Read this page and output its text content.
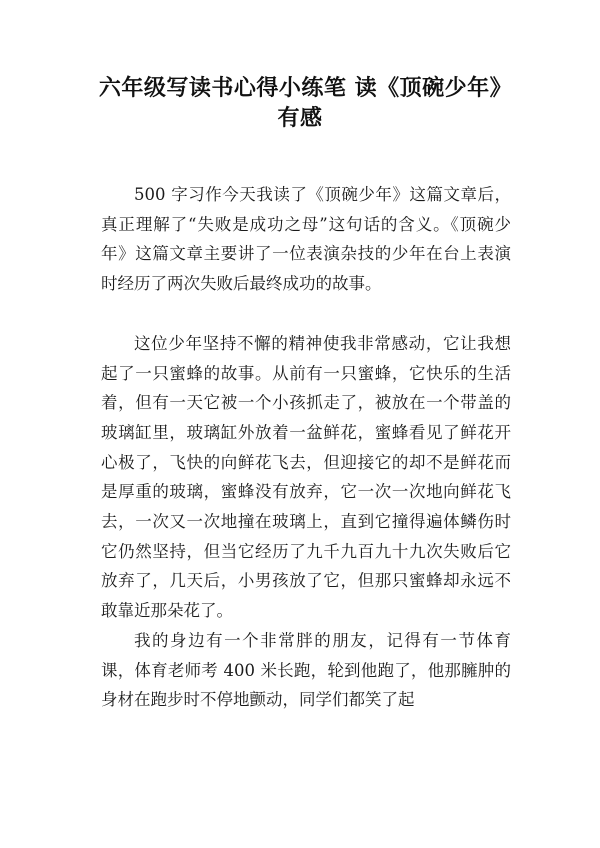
六年级写读书心得小练笔 读《顶碗少年》有感

500 字习作今天我读了《顶碗少年》这篇文章后，真正理解了“失败是成功之母”这句话的含义。《顶碗少年》这篇文章主要讲了一位表演杂技的少年在台上表演时经历了两次失败后最终成功的故事。

这位少年坚持不懈的精神使我非常感动，它让我想起了一只蜜蜂的故事。从前有一只蜜蜂，它快乐的生活着，但有一天它被一个小孩抓走了，被放在一个带盖的玻璃缸里，玻璃缸外放着一盆鲜花，蜜蜂看见了鲜花开心极了，飞快的向鲜花飞去，但迎接它的却不是鲜花而是厚重的玻璃，蜜蜂没有放弃，它一次一次地向鲜花飞去，一次又一次地撞在玻璃上，直到它撞得遍体鳞伤时它仍然坚持，但当它经历了九千九百九十九次失败后它放弃了，几天后，小男孩放了它，但那只蜜蜂却永远不敢靠近那朵花了。

我的身边有一个非常胖的朋友，记得有一节体育课，体育老师考 400 米长跑，轮到他跑了，他那臃肿的身材在跑步时不停地颤动，同学们都笑了起
